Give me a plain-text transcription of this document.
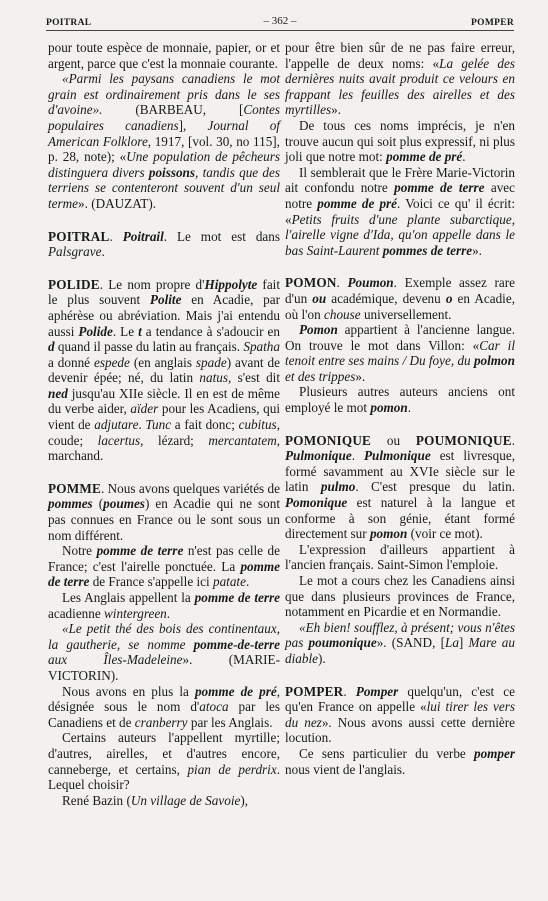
POITRAL	– 362 –	POMPER

pour toute espèce de monnaie, papier, or et argent, parce que c'est la monnaie courante.

«Parmi les paysans canadiens le mot grain est ordinairement pris dans le ses d'avoine». (BARBEAU, [Contes populaires canadiens], Journal of American Folklore, 1917, [vol. 30, no 115], p. 28, note); «Une population de pêcheurs distinguera divers poissons, tandis que des terriens se contenteront souvent d'un seul terme». (DAUZAT).

POITRAL. Poitrail. Le mot est dans Palsgrave.

POLIDE. Le nom propre d'Hippolyte fait le plus souvent Polite en Acadie, par aphérèse ou abréviation. Mais j'ai entendu aussi Polide. Le t a tendance à s'adoucir en d quand il passe du latin au français. Spatha a donné espede (en anglais spade) avant de devenir épée; né, du latin natus, s'est dit ned jusqu'au XIIe siècle. Il en est de même du verbe aider, aïder pour les Acadiens, qui vient de adjutare. Tunc a fait donc; cubitus, coude; lacertus, lézard; mercantatem, marchand.

POMME. Nous avons quelques variétés de pommes (poumes) en Acadie qui ne sont pas connues en France ou le sont sous un nom différent.

Notre pomme de terre n'est pas celle de France; c'est l'airelle ponctuée. La pomme de terre de France s'appelle ici patate.

Les Anglais appellent la pomme de terre acadienne wintergreen.

«Le petit thé des bois des continentaux, la gautherie, se nomme pomme-de-terre aux Îles-Madeleine». (MARIE-VICTORIN).

Nous avons en plus la pomme de pré, désignée sous le nom d'atoca par les Canadiens et de cranberry par les Anglais.

Certains auteurs l'appellent myrtille; d'autres, airelles, et d'autres encore, canneberge, et certains, pian de perdrix. Lequel choisir?

René Bazin (Un village de Savoie),

pour être bien sûr de ne pas faire erreur, l'appelle de deux noms: «La gelée des dernières nuits avait produit ce velours en frappant les feuilles des airelles et des myrtilles».

De tous ces noms imprécis, je n'en trouve aucun qui soit plus expressif, ni plus joli que notre mot: pomme de pré.

Il semblerait que le Frère Marie-Victorin ait confondu notre pomme de terre avec notre pomme de pré. Voici ce qu' il écrit: «Petits fruits d'une plante subarctique, l'airelle vigne d'Ida, qu'on appelle dans le bas Saint-Laurent pommes de terre».

POMON. Poumon. Exemple assez rare d'un ou académique, devenu o en Acadie, où l'on chouse universellement.

Pomon appartient à l'ancienne langue. On trouve le mot dans Villon: «Car il tenoit entre ses mains / Du foye, du polmon et des trippes».

Plusieurs autres auteurs anciens ont employé le mot pomon.

POMONIQUE ou POUMONIQUE. Pulmonique. Pulmonique est livresque, formé savamment au XVIe siècle sur le latin pulmo. C'est presque du latin. Pomonique est naturel à la langue et conforme à son génie, étant formé directement sur pomon (voir ce mot).

L'expression d'ailleurs appartient à l'ancien français. Saint-Simon l'emploie.

Le mot a cours chez les Canadiens ainsi que dans plusieurs provinces de France, notamment en Picardie et en Normandie.

«Eh bien! soufflez, à présent; vous n'êtes pas poumonique». (SAND, [La] Mare au diable).

POMPER. Pomper quelqu'un, c'est ce qu'en France on appelle «lui tirer les vers du nez». Nous avons aussi cette dernière locution.

Ce sens particulier du verbe pomper nous vient de l'anglais.
